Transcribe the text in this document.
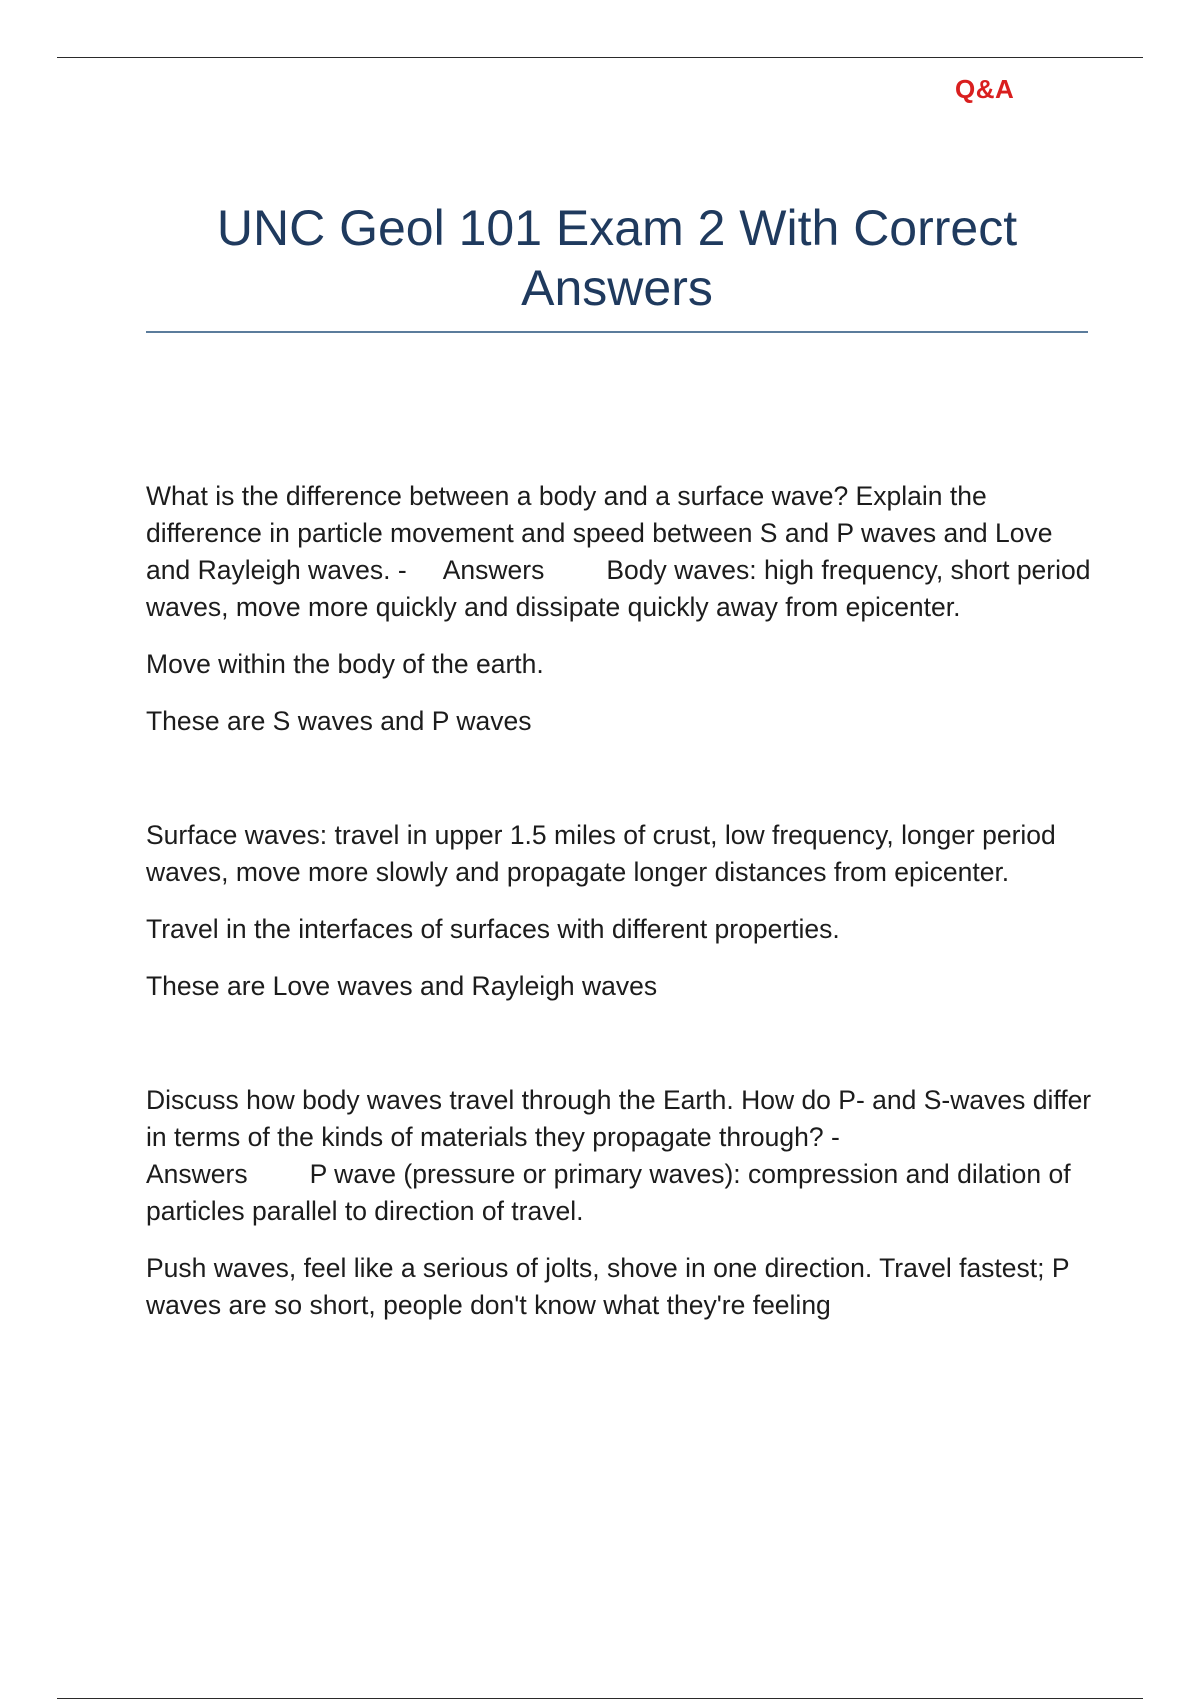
Q&A
UNC Geol 101 Exam 2 With Correct Answers

What is the difference between a body and a surface wave? Explain the difference in particle movement and speed between S and P waves and Love and Rayleigh waves. - Answers Body waves: high frequency, short period waves, move more quickly and dissipate quickly away from epicenter.

Move within the body of the earth.

These are S waves and P waves

Surface waves: travel in upper 1.5 miles of crust, low frequency, longer period waves, move more slowly and propagate longer distances from epicenter.

Travel in the interfaces of surfaces with different properties.

These are Love waves and Rayleigh waves

Discuss how body waves travel through the Earth. How do P- and S-waves differ in terms of the kinds of materials they propagate through? -
Answers P wave (pressure or primary waves): compression and dilation of particles parallel to direction of travel.

Push waves, feel like a serious of jolts, shove in one direction. Travel fastest; P waves are so short, people don't know what they're feeling
